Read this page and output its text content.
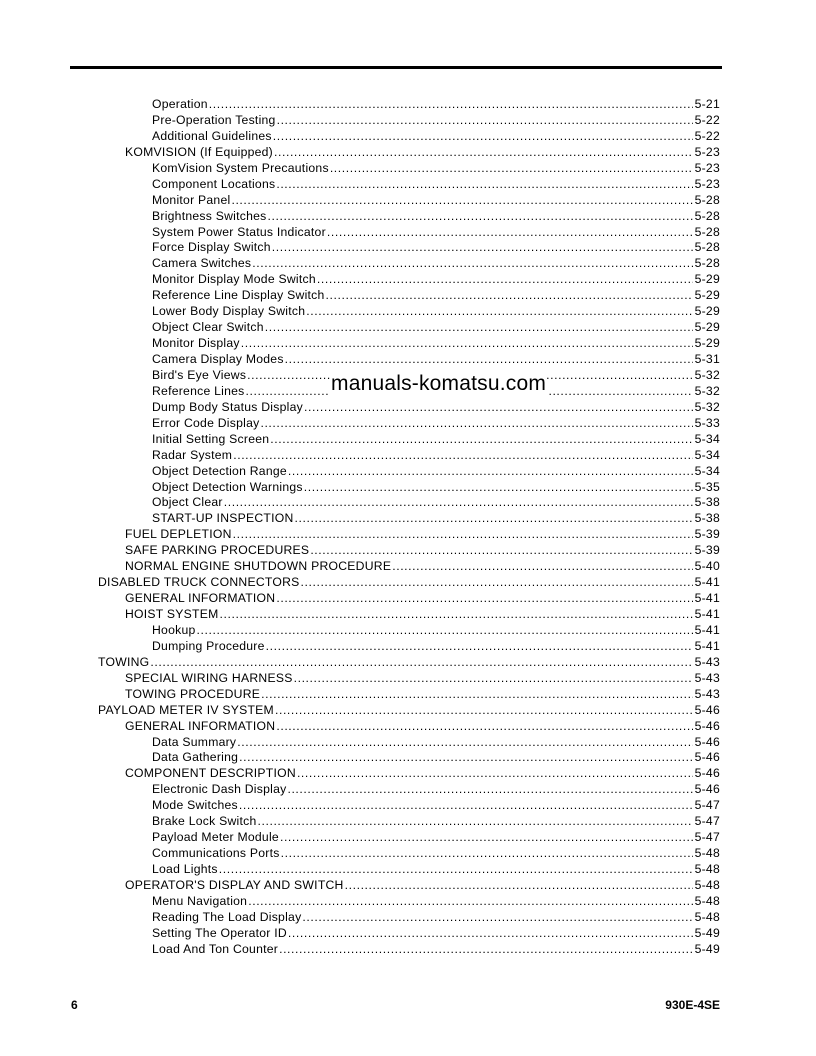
Operation .....	5-21
Pre-Operation Testing .....	5-22
Additional Guidelines .....	5-22
KOMVISION (If Equipped) .....	5-23
KomVision System Precautions .....	5-23
Component Locations .....	5-23
Monitor Panel .....	5-28
Brightness Switches .....	5-28
System Power Status Indicator .....	5-28
Force Display Switch .....	5-28
Camera Switches .....	5-28
Monitor Display Mode Switch .....	5-29
Reference Line Display Switch .....	5-29
Lower Body Display Switch .....	5-29
Object Clear Switch .....	5-29
Monitor Display .....	5-29
Camera Display Modes .....	5-31
Bird's Eye Views .....	5-32
Reference Lines .....	5-32
Dump Body Status Display .....	5-32
Error Code Display .....	5-33
Initial Setting Screen .....	5-34
Radar System .....	5-34
Object Detection Range .....	5-34
Object Detection Warnings .....	5-35
Object Clear .....	5-38
START-UP INSPECTION .....	5-38
FUEL DEPLETION .....	5-39
SAFE PARKING PROCEDURES .....	5-39
NORMAL ENGINE SHUTDOWN PROCEDURE .....	5-40
DISABLED TRUCK CONNECTORS .....	5-41
GENERAL INFORMATION .....	5-41
HOIST SYSTEM .....	5-41
Hookup .....	5-41
Dumping Procedure .....	5-41
TOWING .....	5-43
SPECIAL WIRING HARNESS .....	5-43
TOWING PROCEDURE .....	5-43
PAYLOAD METER IV SYSTEM .....	5-46
GENERAL INFORMATION .....	5-46
Data Summary .....	5-46
Data Gathering .....	5-46
COMPONENT DESCRIPTION .....	5-46
Electronic Dash Display .....	5-46
Mode Switches .....	5-47
Brake Lock Switch .....	5-47
Payload Meter Module .....	5-47
Communications Ports .....	5-48
Load Lights .....	5-48
OPERATOR'S DISPLAY AND SWITCH .....	5-48
Menu Navigation .....	5-48
Reading The Load Display .....	5-48
Setting The Operator ID .....	5-49
Load And Ton Counter .....	5-49
manuals-komatsu.com
6	930E-4SE
